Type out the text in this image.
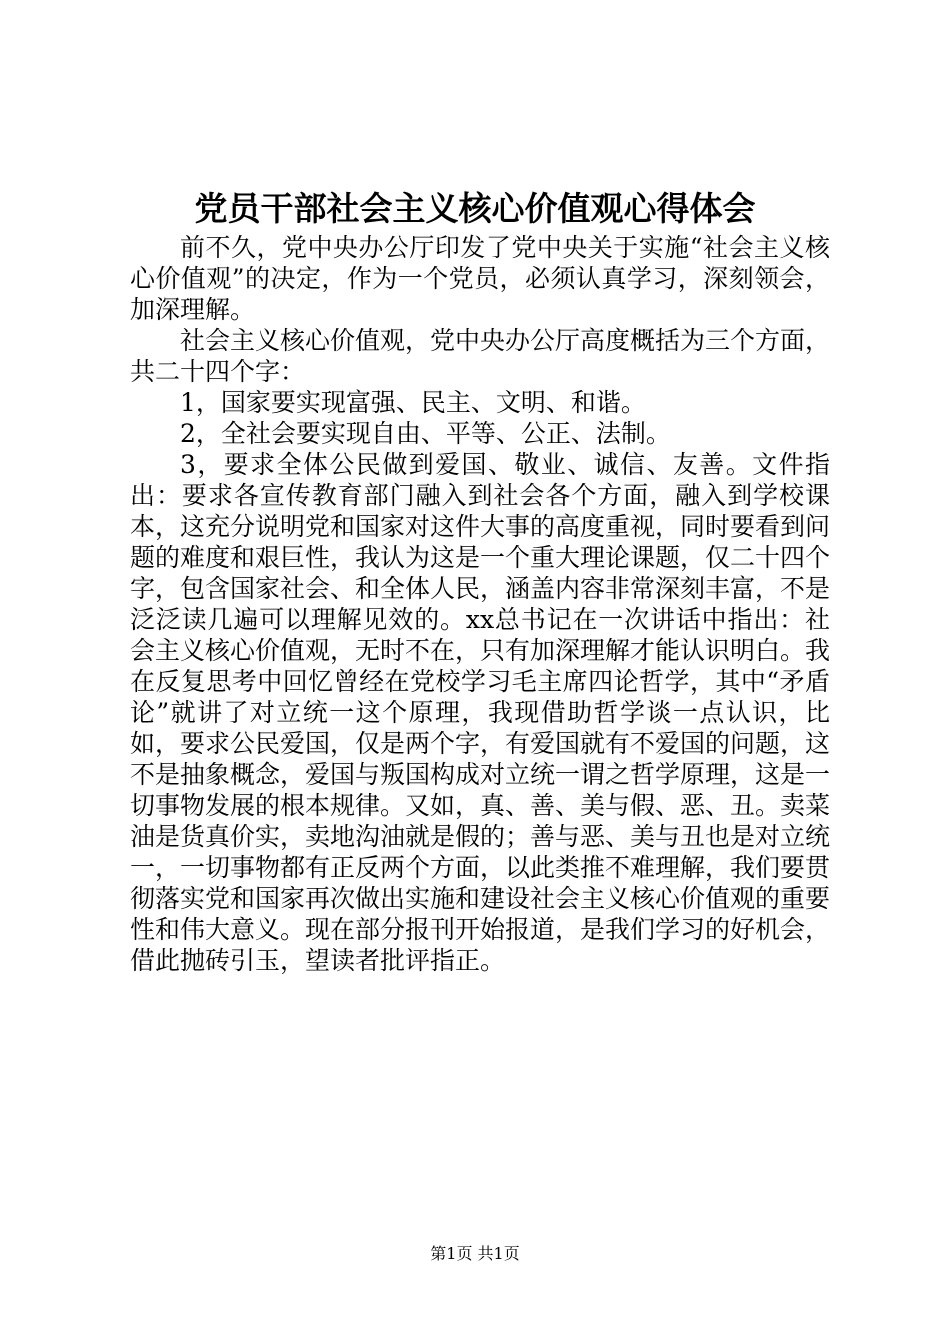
党员干部社会主义核心价值观心得体会

前不久，党中央办公厅印发了党中央关于实施“社会主义核心价值观”的决定，作为一个党员，必须认真学习，深刻领会，加深理解。

社会主义核心价值观，党中央办公厅高度概括为三个方面，共二十四个字：

1，国家要实现富强、民主、文明、和谐。

2，全社会要实现自由、平等、公正、法制。

3，要求全体公民做到爱国、敬业、诚信、友善。文件指出：要求各宣传教育部门融入到社会各个方面，融入到学校课本，这充分说明党和国家对这件大事的高度重视，同时要看到问题的难度和艰巨性，我认为这是一个重大理论课题，仅二十四个字，包含国家社会、和全体人民，涵盖内容非常深刻丰富，不是泛泛读几遍可以理解见效的。xx总书记在一次讲话中指出：社会主义核心价值观，无时不在，只有加深理解才能认识明白。我在反复思考中回忆曾经在党校学习毛主席四论哲学，其中“矛盾论”就讲了对立统一这个原理，我现借助哲学谈一点认识，比如，要求公民爱国，仅是两个字，有爱国就有不爱国的问题，这不是抽象概念，爱国与叛国构成对立统一谓之哲学原理，这是一切事物发展的根本规律。又如，真、善、美与假、恶、丑。卖菜油是货真价实，卖地沟油就是假的；善与恶、美与丑也是对立统一，一切事物都有正反两个方面，以此类推不难理解，我们要贯彻落实党和国家再次做出实施和建设社会主义核心价值观的重要性和伟大意义。现在部分报刊开始报道，是我们学习的好机会，借此抛砖引玉，望读者批评指正。

第1页 共1页
